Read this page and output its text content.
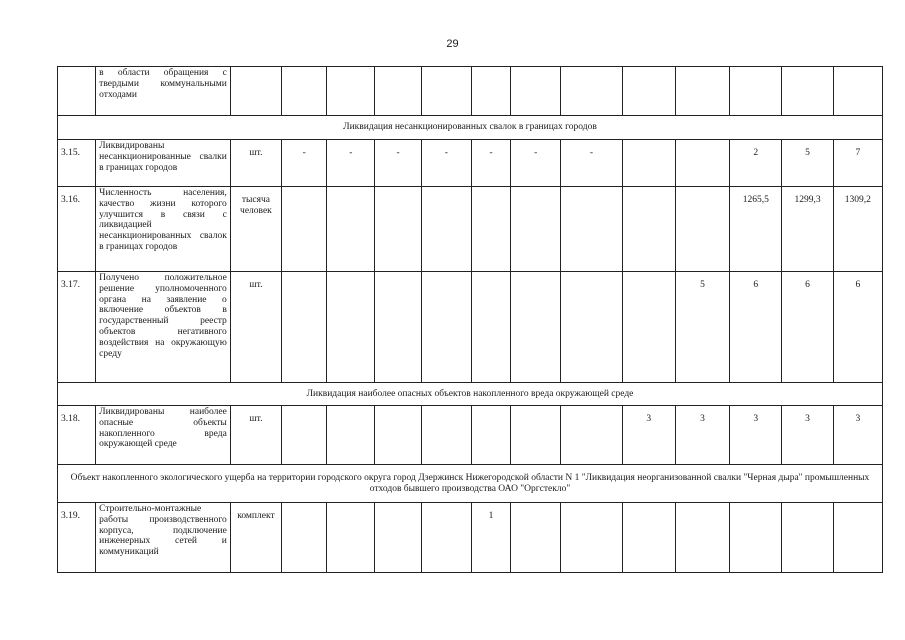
29
	в области обращения с твердыми коммунальными отходами													
Ликвидация несанкционированных свалок в границах городов														
3.15.	Ликвидированы несанкционированные свалки в границах городов	шт.	-	-	-	-	-	-	-			2	5	7
3.16.	Численность населения, качество жизни которого улучшится в связи с ликвидацией несанкционированных свалок в границах городов	тысяча человек										1265,5	1299,3	1309,2
3.17.	Получено положительное решение уполномоченного органа на заявление о включение объектов в государственный реестр объектов негативного воздействия на окружающую среду	шт.									5	6	6	6
Ликвидация наиболее опасных объектов накопленного вреда окружающей среде														
3.18.	Ликвидированы наиболее опасные объекты накопленного вреда окружающей среде	шт.								3	3	3	3	3
Объект накопленного экологического ущерба на территории городского округа город Дзержинск Нижегородской области N 1 "Ликвидация неорганизованной свалки "Черная дыра" промышленных отходов бывшего производства ОАО "Оргстекло"														
3.19.	Строительно-монтажные работы производственного корпуса, подключение инженерных сетей и коммуникаций	комплект					1							
